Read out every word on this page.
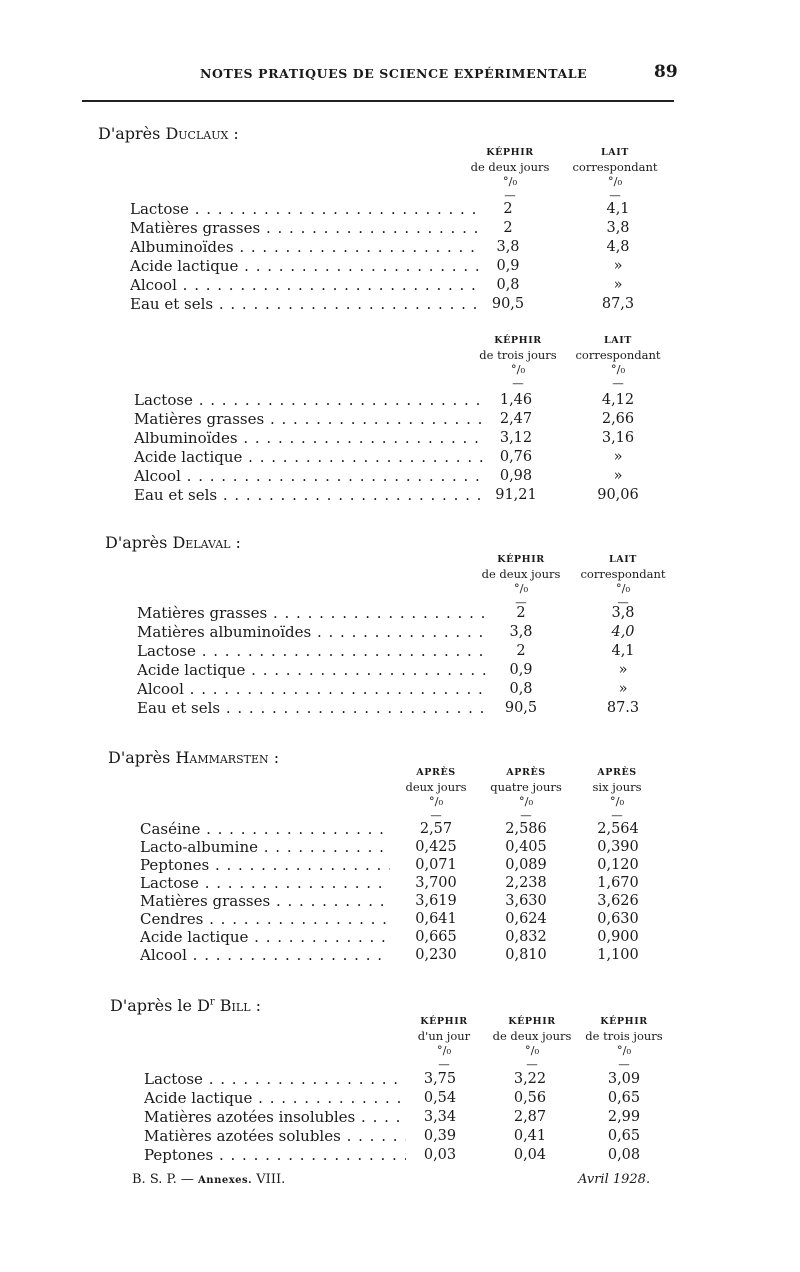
NOTES PRATIQUES DE SCIENCE EXPÉRIMENTALE	89
D'après Duclaux :
KÉPHIR
de deux jours
°/₀
—
LAIT
correspondant
°/₀
—
Lactose . . .	2	4,1
Matières grasses . . .	2	3,8
Albuminoïdes . . .	3,8	4,8
Acide lactique . . .	0,9	»
Alcool . . .	0,8	»
Eau et sels . . .	90,5	87,3
KÉPHIR
de trois jours
°/₀
—
LAIT
correspondant
°/₀
—
Lactose . . .	1,46	4,12
Matières grasses . . .	2,47	2,66
Albuminoïdes . . .	3,12	3,16
Acide lactique . . .	0,76	»
Alcool . . .	0,98	»
Eau et sels . . .	91,21	90,06
D'après Delaval :
KÉPHIR
de deux jours
°/₀
—
LAIT
correspondant
°/₀
—
Matières grasses . . .	2	3,8
Matières albuminoïdes . . .	3,8	4,0
Lactose . . .	2	4,1
Acide lactique . . .	0,9	»
Alcool . . .	0,8	»
Eau et sels . . .	90,5	87.3
D'après Hammarsten :
APRÈS
deux jours
°/₀
—
APRÈS
quatre jours
°/₀
—
APRÈS
six jours
°/₀
—
Caséine . . .	2,57	2,586	2,564
Lacto-albumine . . .	0,425	0,405	0,390
Peptones . . .	0,071	0,089	0,120
Lactose . . .	3,700	2,238	1,670
Matières grasses . . .	3,619	3,630	3,626
Cendres . . .	0,641	0,624	0,630
Acide lactique . . .	0,665	0,832	0,900
Alcool . . .	0,230	0,810	1,100
D'après le $D^r$ Bill :
KÉPHIR
d'un jour
°/₀
—
KÉPHIR
de deux jours
°/₀
—
KÉPHIR
de trois jours
°/₀
—
Lactose . . .	3,75	3,22	3,09
Acide lactique . . .	0,54	0,56	0,65
Matières azotées insolubles . . .	3,34	2,87	2,99
Matières azotées solubles . . .	0,39	0,41	0,65
Peptones . . .	0,03	0,04	0,08
B. S. P. — Annexes. VIII.	Avril 1928.
